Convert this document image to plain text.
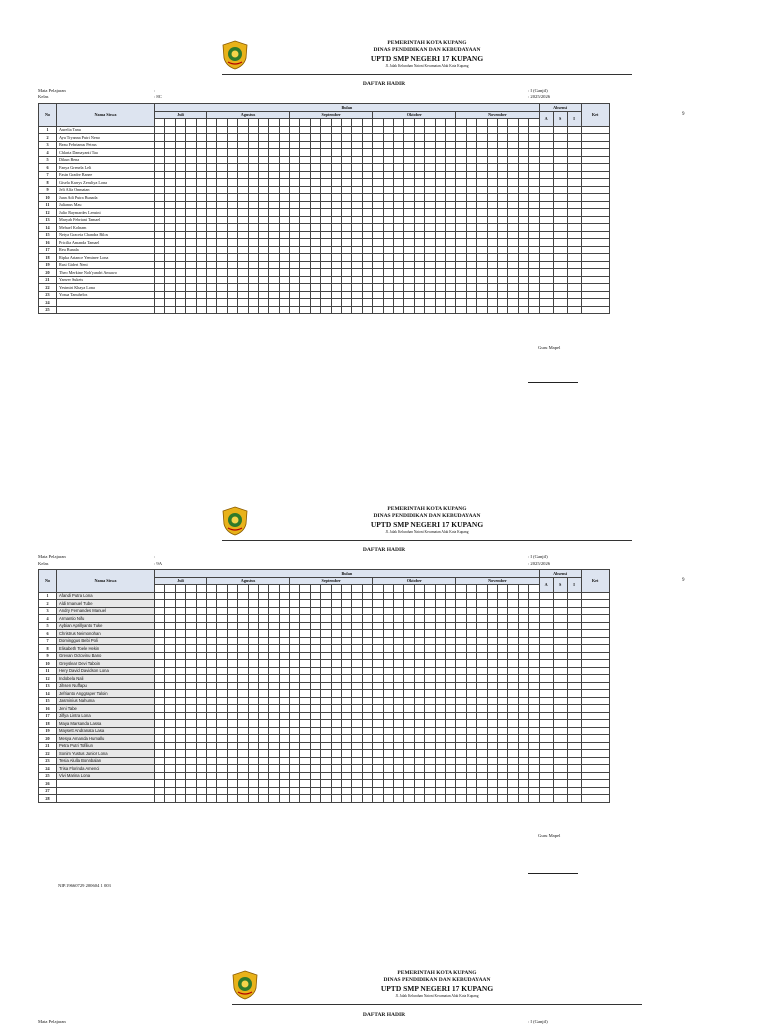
PEMERINTAH KOTA KUPANG
DINAS PENDIDIKAN DAN KEBUDAYAAN
UPTD SMP NEGERI 17 KUPANG
Jl. Jalak Kelurahan Naioni Kecamatan Alak Kota Kupang
DAFTAR HADIR
Mata Pelajaran	:
Kelas	: 8C
: I (Ganjil)
: 2025/2026
9
No	Nama Siswa	Bulan																																					Absensi			Ket
		Juli					Agustus								September								Oktober								November								A	S	I	

1	Aurelia Tanu																																									
2	Ayu Tryanna Putri Neno																																									
3	Beau Febrianus Petrus																																									
4	Chlaria Damayanti Taa																																									
5	Dikun Bena																																									
6	Fanya Grenela Leli																																									
7	Fasin Gradre Banee																																									
8	Gisela Karrys Zerultya Lona																																									
9	Jeli Alfa Onmatan																																									
10	Juan Adi Putra Bunada																																									
11	Julianus Mau																																									
12	Julio Raymardes Lensini																																									
13	Maryah Febriani Tamael																																									
14	Mehuel Kolnam																																									
15	Netya Graceia Chandra Bilos																																									
16	Pricilia Amanda Tamael																																									
17	Reu Bunala																																									
18	Ripka Ariance Yeminee Lona																																									
19	Rusi Gideri Neni																																									
20	Theo Merkine Noh'yandri Amuwo																																									
21	Yanver Sukets																																									
22	Yesimiri Khaya Lona																																									
23	Yosua Tanuhelos																																									
24																																										
25																																										
Guru Mapel
PEMERINTAH KOTA KUPANG
DINAS PENDIDIKAN DAN KEBUDAYAAN
UPTD SMP NEGERI 17 KUPANG
Jl. Jalak Kelurahan Naioni Kecamatan Alak Kota Kupang
DAFTAR HADIR
Mata Pelajaran	:
Kelas	: 9A
: I (Ganjil)
: 2025/2026
9
No	Nama Siswa	Bulan																																					Absensi			Ket
		Juli					Agustus								September								Oktober								November								A	S	I	

1	Afandi Putra Lona																																									
2	Aldi Imanuel Tube																																									
3	Andry Fernandes Manuel																																									
4	Armantio Nifu																																									
5	Aybian Aprillyanto Tuke																																									
6	Christrus Neimonohan																																									
7	Dominggus Bebi Poli																																									
8	Elisabeth Toele Hekin																																									
9	Grevan Octovinu Bano																																									
10	Greyslear Devi Taboin																																									
11	Hery David Davidson Lona																																									
12	Indobela Nali																																									
13	Jihsen Nuffapu																																									
14	Jefrianto Anggraper Taloin																																									
15	Jasminius Nahuma																																									
16	Jeni Tabe																																									
17	Jilfya Lintra Lona																																									
18	Maya Marsanda Lassa																																									
19	Maysett Andranata Lasa																																									
20	Mesya Amanda Humallu																																									
21	Petra Putri Tofiliun																																									
22	Sonim Yustus Junior Lona																																									
23	Tesia Alulla Bonnbalan																																									
24	Trisa Florinda Amenci																																									
25	Vivi Marina Lona																																									
26																																										
27																																										
28																																										
Guru Mapel
NIP.19660729 200604 1 003
PEMERINTAH KOTA KUPANG
DINAS PENDIDIKAN DAN KEBUDAYAAN
UPTD SMP NEGERI 17 KUPANG
Jl. Jalak Kelurahan Naioni Kecamatan Alak Kota Kupang
DAFTAR HADIR
Mata Pelajaran	: I (Ganjil)
